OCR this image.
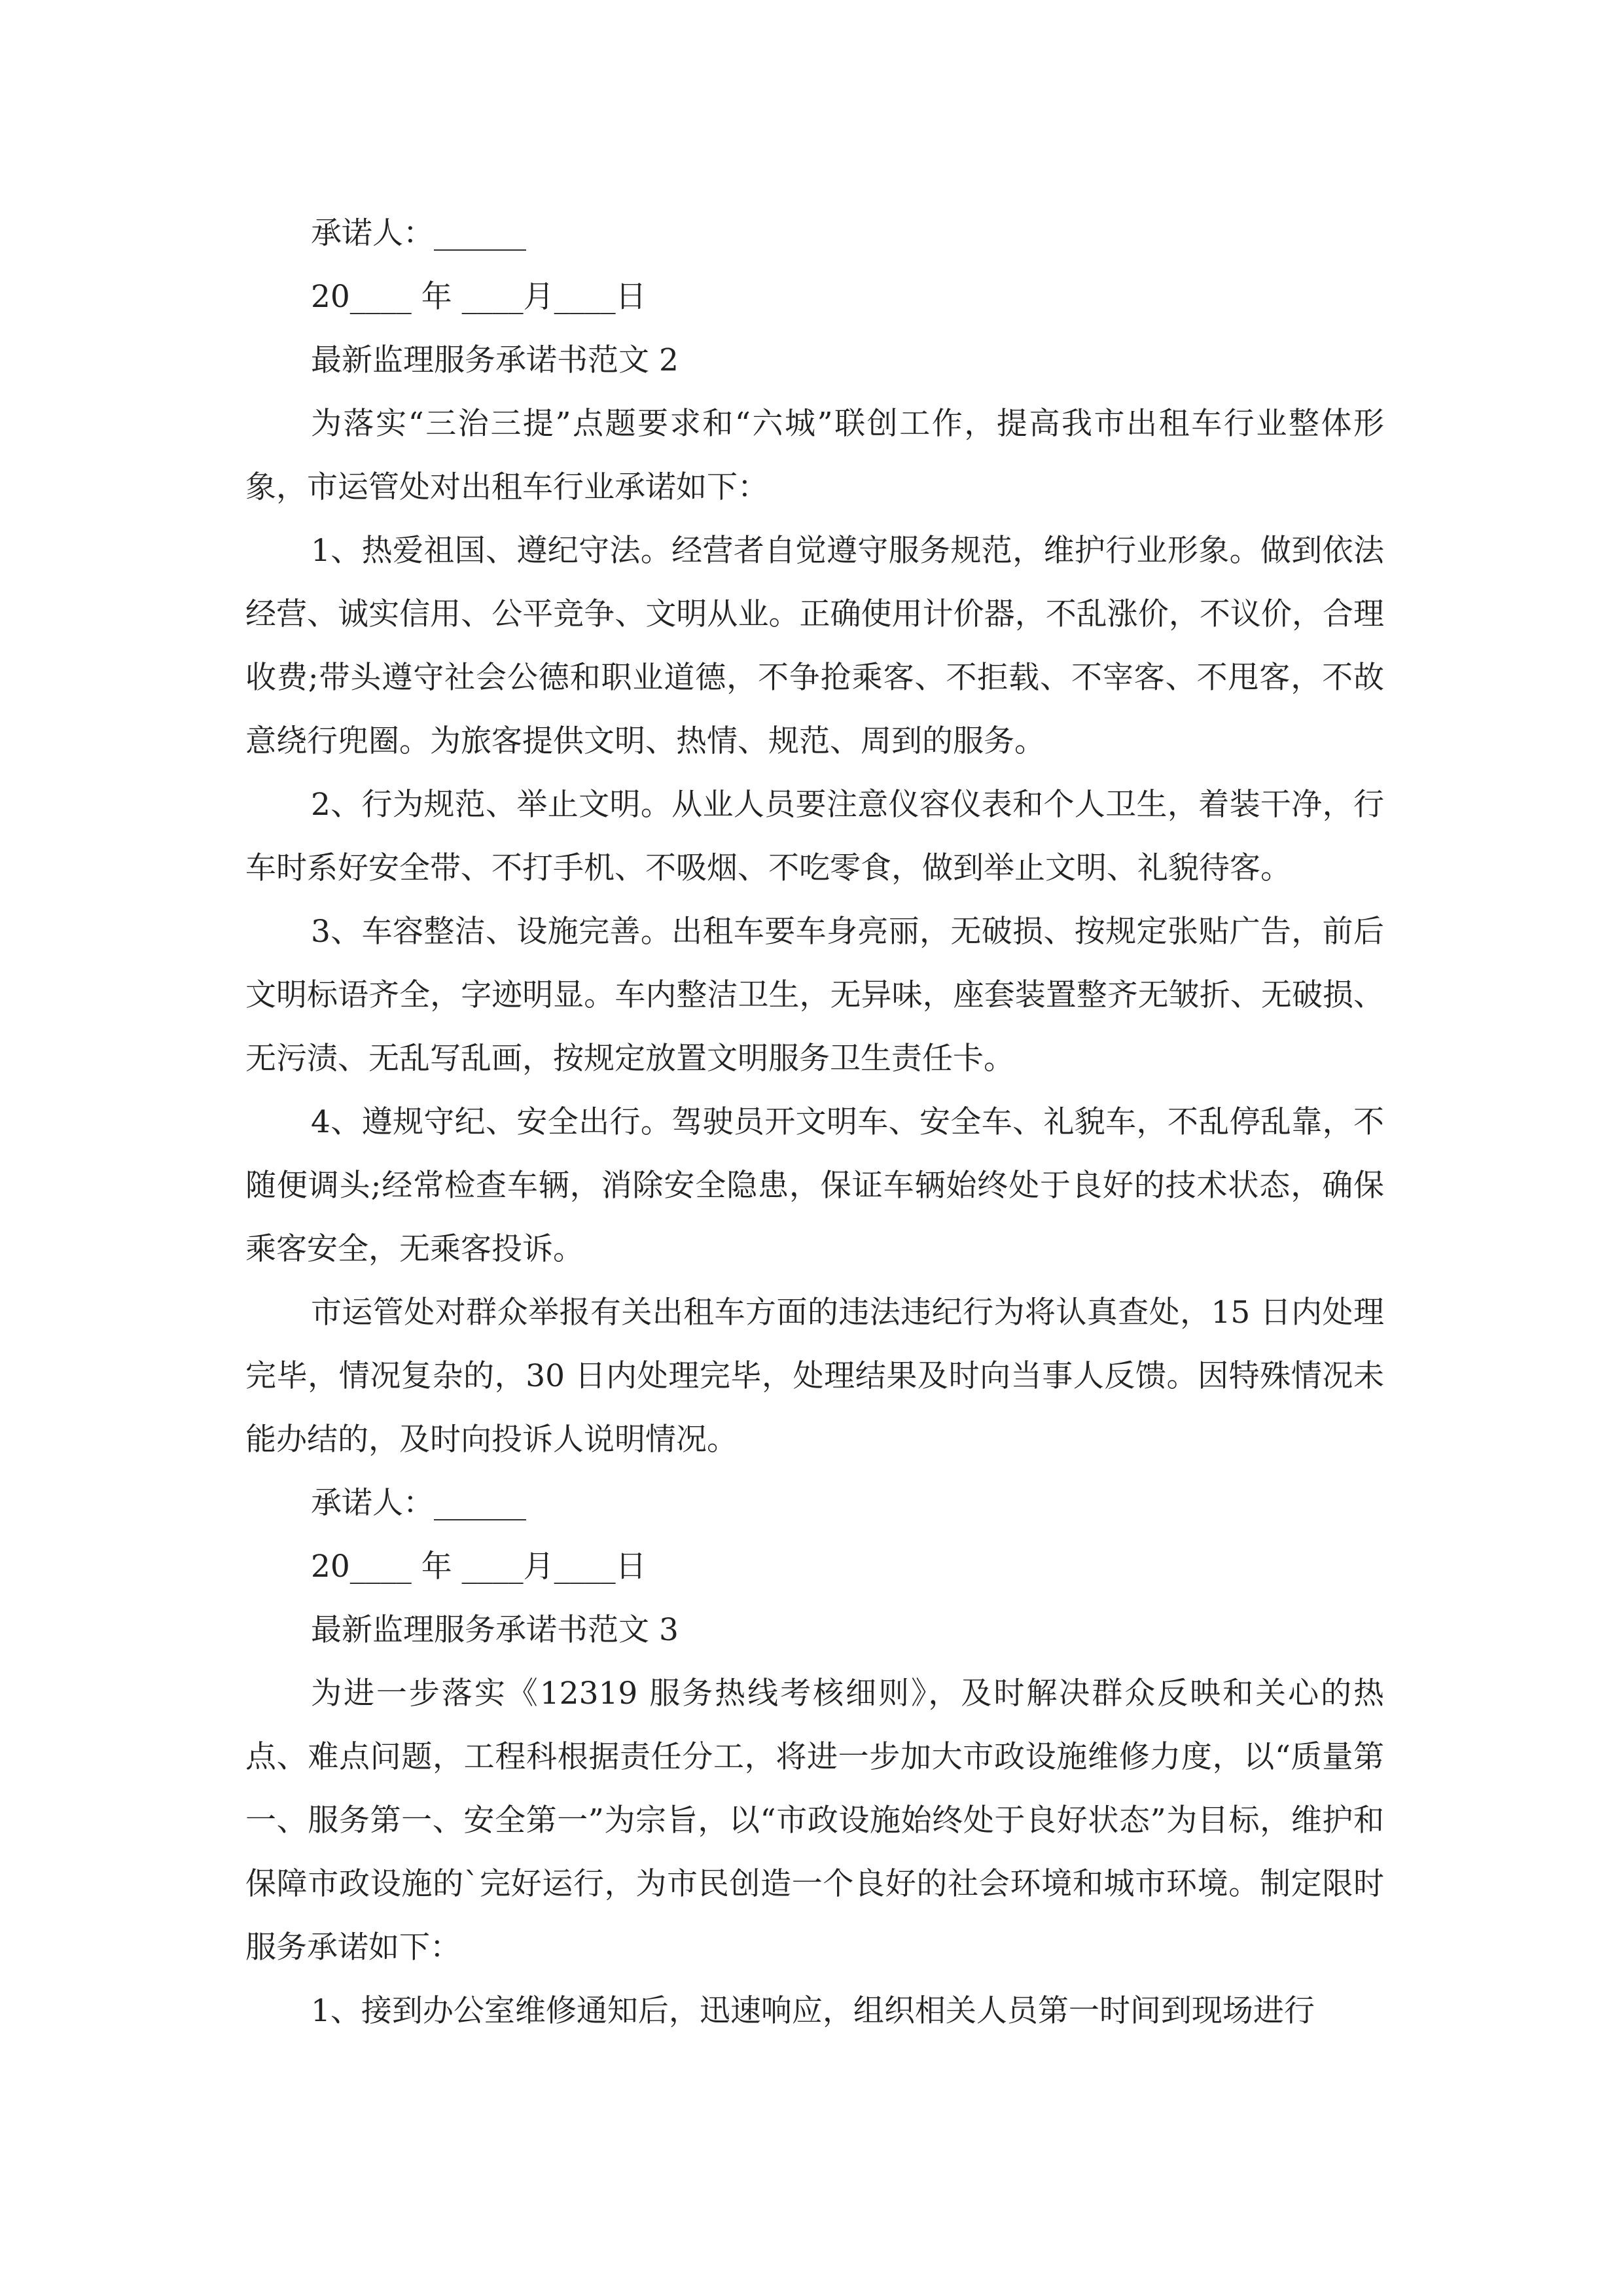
承诺人：______

20____ 年 ____月____日

最新监理服务承诺书范文 2

为落实“三治三提”点题要求和“六城”联创工作，提高我市出租车行业整体形象，市运管处对出租车行业承诺如下：

1、热爱祖国、遵纪守法。经营者自觉遵守服务规范，维护行业形象。做到依法经营、诚实信用、公平竞争、文明从业。正确使用计价器，不乱涨价，不议价，合理收费;带头遵守社会公德和职业道德，不争抢乘客、不拒载、不宰客、不甩客，不故意绕行兜圈。为旅客提供文明、热情、规范、周到的服务。

2、行为规范、举止文明。从业人员要注意仪容仪表和个人卫生，着装干净，行车时系好安全带、不打手机、不吸烟、不吃零食，做到举止文明、礼貌待客。

3、车容整洁、设施完善。出租车要车身亮丽，无破损、按规定张贴广告，前后文明标语齐全，字迹明显。车内整洁卫生，无异味，座套装置整齐无皱折、无破损、无污渍、无乱写乱画，按规定放置文明服务卫生责任卡。

4、遵规守纪、安全出行。驾驶员开文明车、安全车、礼貌车，不乱停乱靠，不随便调头;经常检查车辆，消除安全隐患，保证车辆始终处于良好的技术状态，确保乘客安全，无乘客投诉。

市运管处对群众举报有关出租车方面的违法违纪行为将认真查处，15 日内处理完毕，情况复杂的，30 日内处理完毕，处理结果及时向当事人反馈。因特殊情况未能办结的，及时向投诉人说明情况。

承诺人：______

20____ 年 ____月____日

最新监理服务承诺书范文 3

为进一步落实《12319 服务热线考核细则》，及时解决群众反映和关心的热点、难点问题，工程科根据责任分工，将进一步加大市政设施维修力度，以“质量第一、服务第一、安全第一”为宗旨，以“市政设施始终处于良好状态”为目标，维护和保障市政设施的`完好运行，为市民创造一个良好的社会环境和城市环境。制定限时服务承诺如下：

1、接到办公室维修通知后，迅速响应，组织相关人员第一时间到现场进行
